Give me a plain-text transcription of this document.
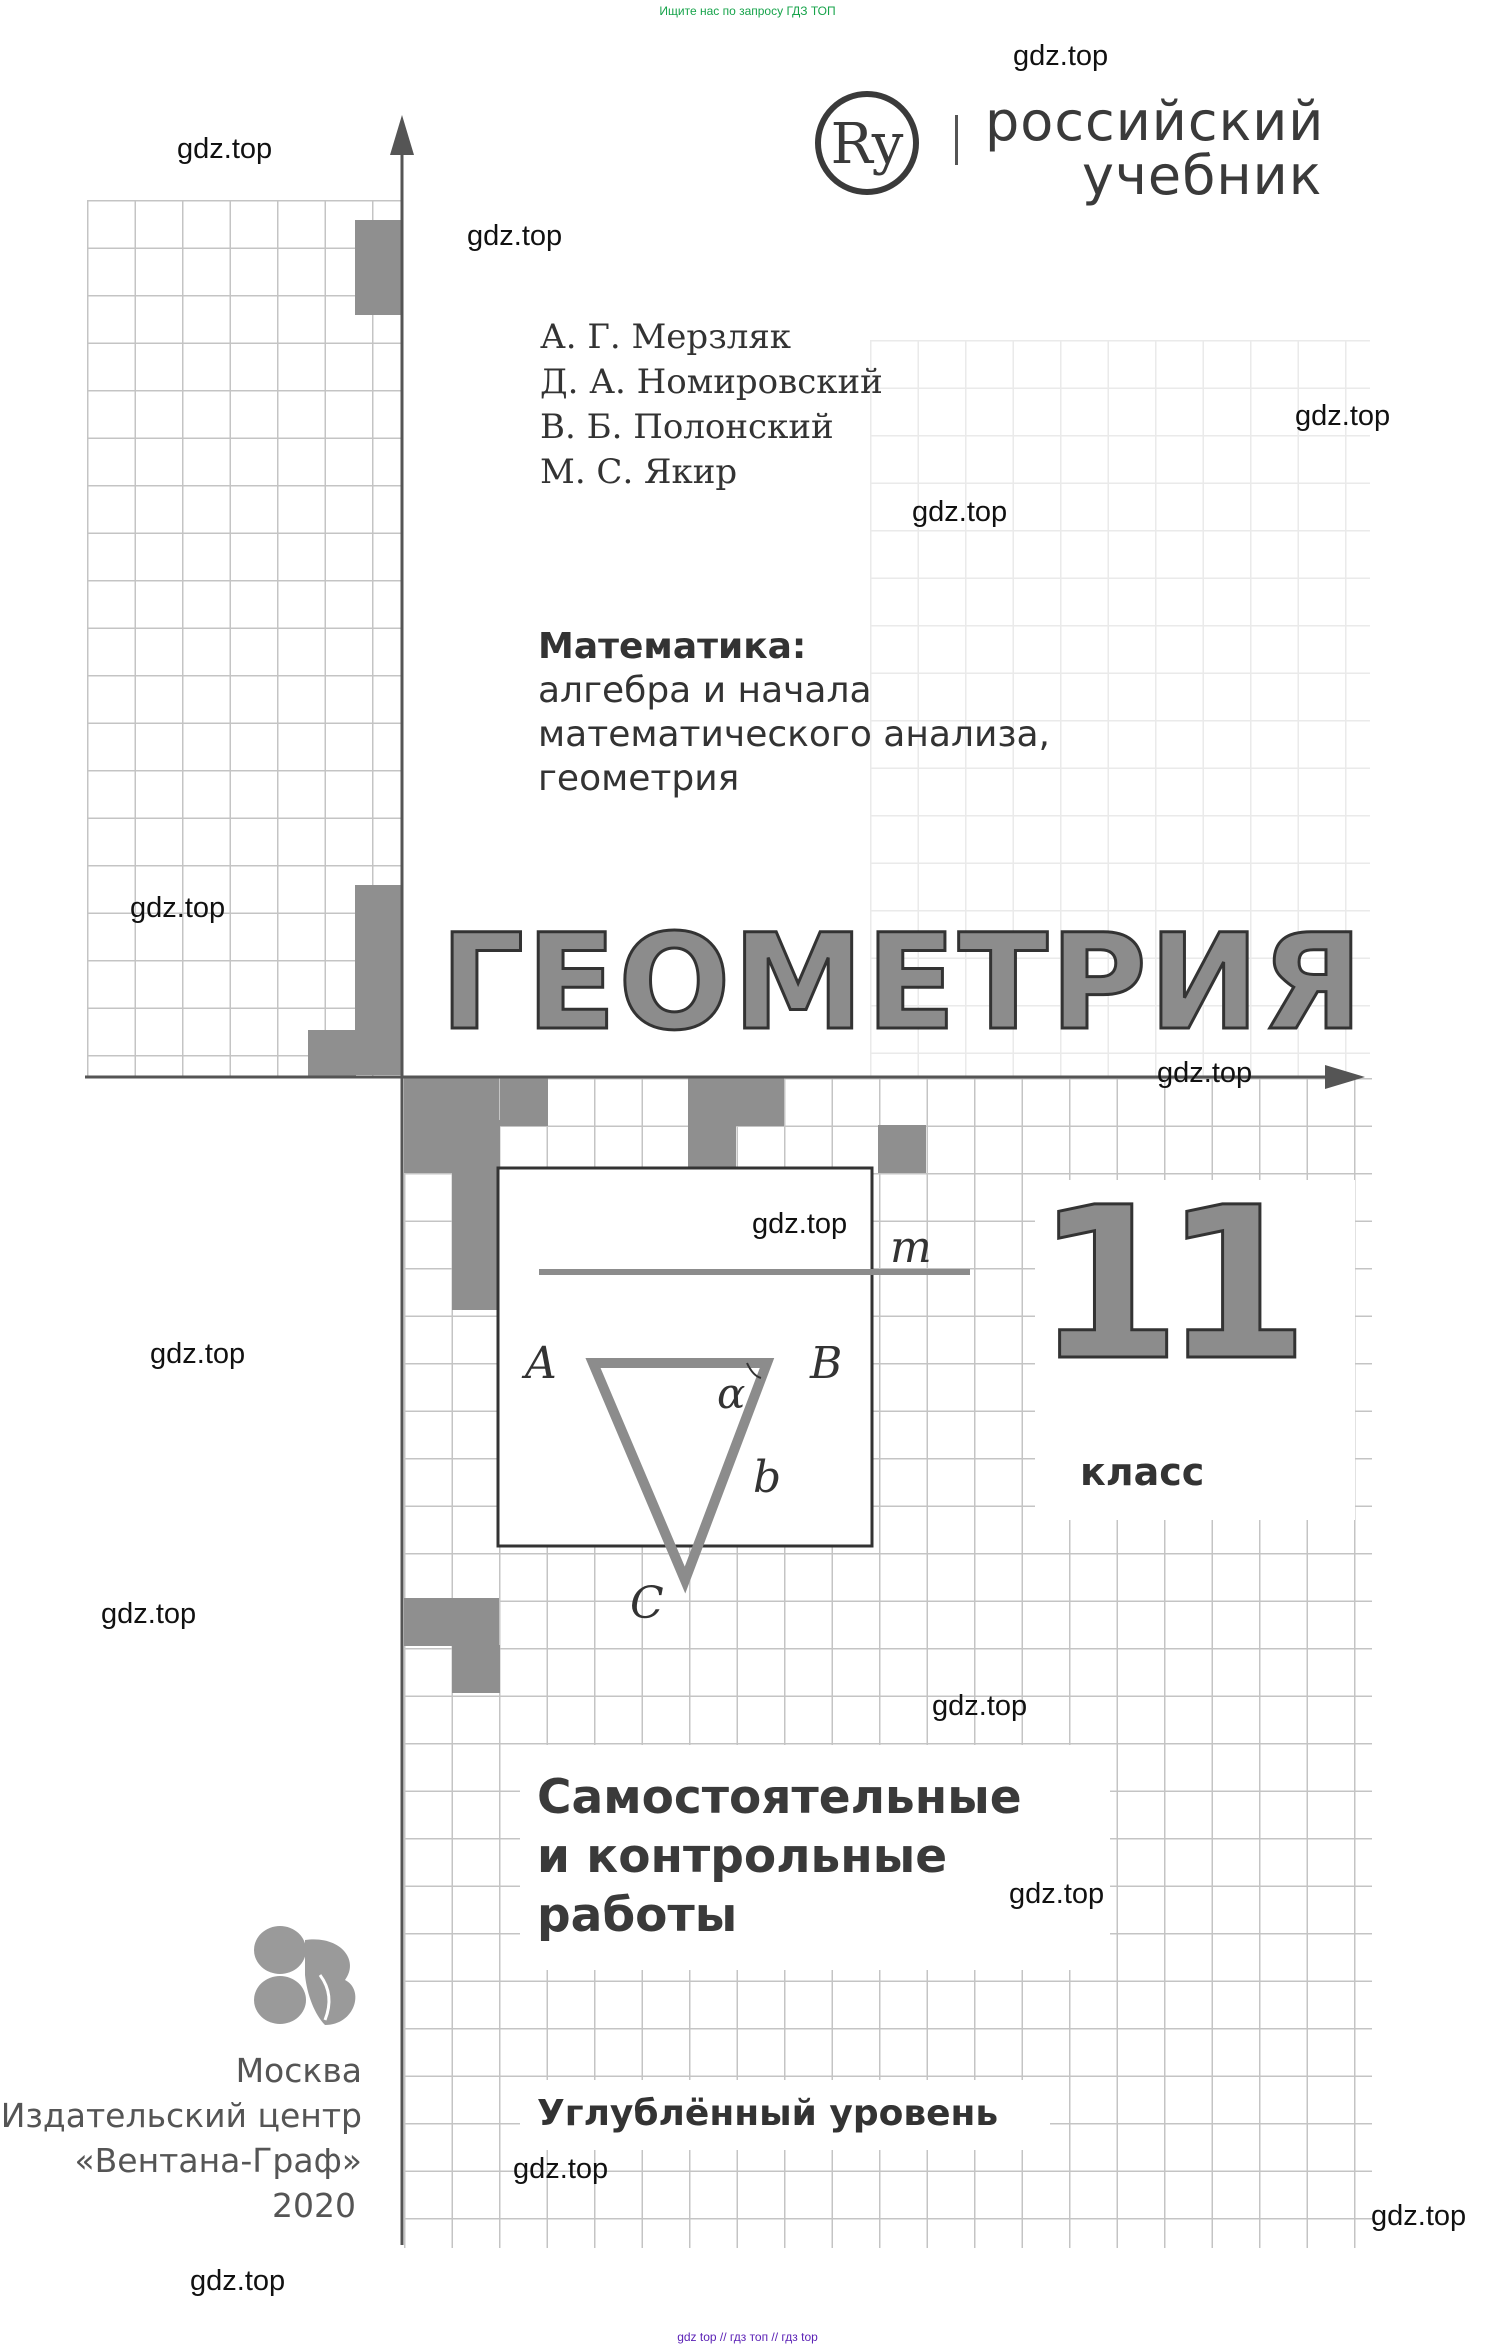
Ry российский
учебник
А. Г. Мерзляк
Д. А. Номировский
В. Б. Полонский
М. С. Якир
Математика:
алгебра и начала
математического анализа,
геометрия
ГЕОМЕТРИЯ
m
A	B
C
α
b
11
класс
Самостоятельные
и контрольные
работы
Углублённый уровень
Москва
Издательский центр
«Вентана-Граф»
2020
Ищите нас по запросу ГДЗ ТОП
gdz top // гдз топ // гдз top
gdz.top
gdz.top
gdz.top
gdz.top
gdz.top
gdz.top
gdz.top
gdz.top
gdz.top
gdz.top
gdz.top
gdz.top
gdz.top
gdz.top
gdz.top
